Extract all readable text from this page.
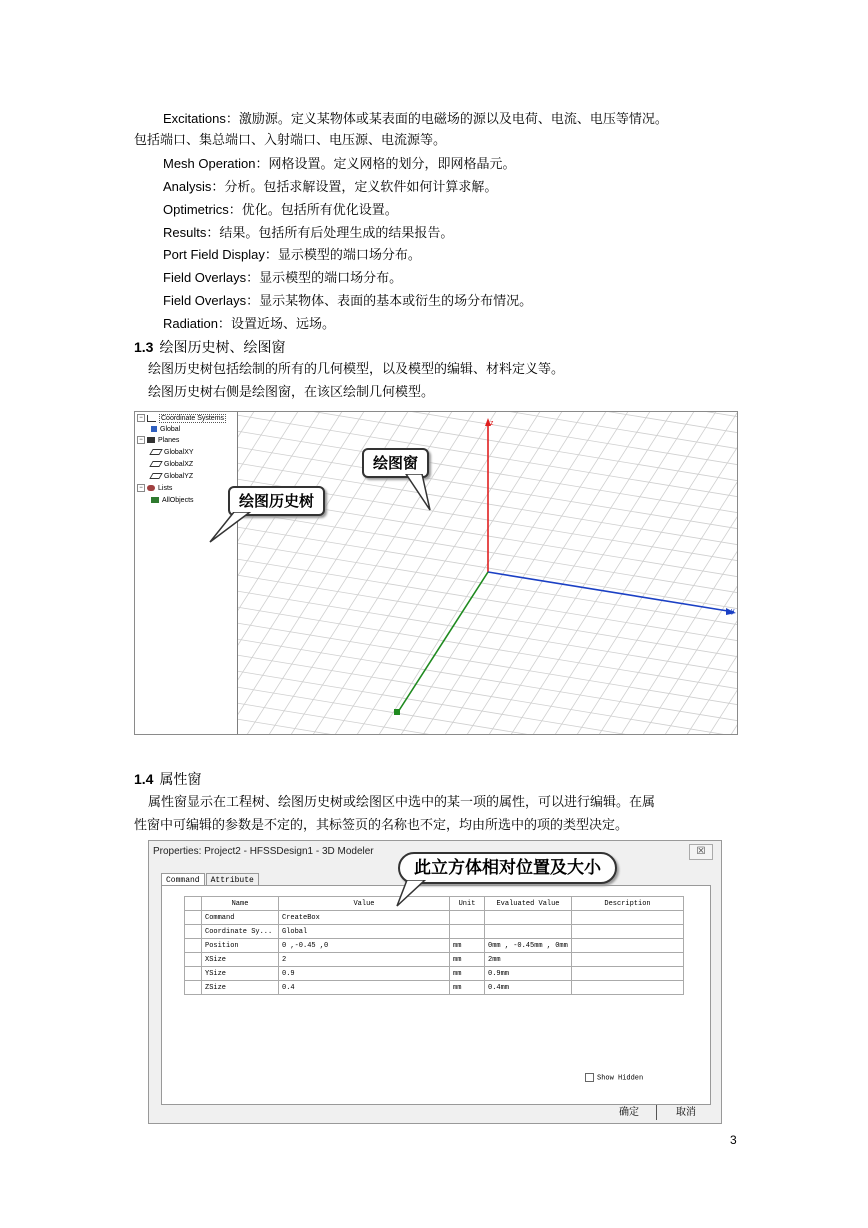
Excitations：激励源。定义某物体或某表面的电磁场的源以及电荷、电流、电压等情况。
包括端口、集总端口、入射端口、电压源、电流源等。
Mesh Operation：网格设置。定义网格的划分，即网格晶元。
Analysis：分析。包括求解设置，定义软件如何计算求解。
Optimetrics：优化。包括所有优化设置。
Results：结果。包括所有后处理生成的结果报告。
Port Field Display：显示模型的端口场分布。
Field Overlays：显示模型的端口场分布。
Field Overlays：显示某物体、表面的基本或衍生的场分布情况。
Radiation：设置近场、远场。
1.3 绘图历史树、绘图窗
绘图历史树包括绘制的所有的几何模型，以及模型的编辑、材料定义等。
绘图历史树右侧是绘图窗，在该区绘制几何模型。
−	Coordinate Systems
Global
− Planes
GlobalXY
GlobalXZ
GlobalYZ
− Lists
AllObjects
z
y
绘图窗
绘图历史树
1.4 属性窗
属性窗显示在工程树、绘图历史树或绘图区中选中的某一项的属性，可以进行编辑。在属
性窗中可编辑的参数是不定的，其标签页的名称也不定，均由所选中的项的类型决定。
Properties: Project2 - HFSSDesign1 - 3D Modeler	☒
Command Attribute
	Name	Value	Unit	Evaluated Value	Description
	Command	CreateBox			
	Coordinate Sy...	Global			
	Position	0 ,-0.45 ,0	mm	0mm , -0.45mm , 0mm	
	XSize	2	mm	2mm	
	YSize	0.9	mm	0.9mm	
	ZSize	0.4	mm	0.4mm	
Show Hidden
确定	取消
此立方体相对位置及大小
3
